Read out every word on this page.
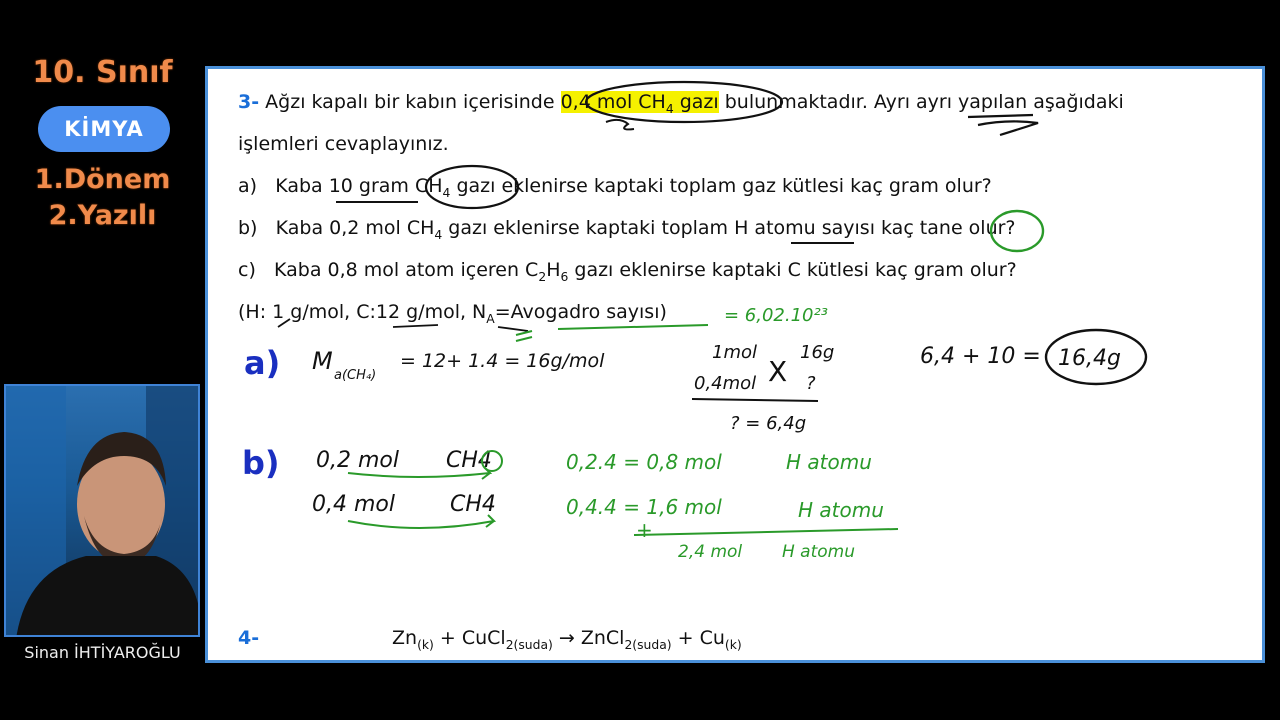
10. Sınıf
KİMYA
1.Dönem
2.Yazılı
Sinan İHTİYAROĞLU
3- Ağzı kapalı bir kabın içerisinde 0,4 mol $CH_4$ gazı bulunmaktadır. Ayrı ayrı yapılan aşağıdaki
işlemleri cevaplayınız.
a) Kaba 10 gram $CH_4$ gazı eklenirse kaptaki toplam gaz kütlesi kaç gram olur?
b) Kaba 0,2 mol $CH_4$ gazı eklenirse kaptaki toplam H atomu sayısı kaç tane olur?
c) Kaba 0,8 mol atom içeren $C_2H_6$ gazı eklenirse kaptaki C kütlesi kaç gram olur?
(H: 1 g/mol, C:12 g/mol, $N_A=Avogadro$ sayısı)
4-	$Zn_{(k)}$ + CuCl$_{2(suda)}$ → ZnCl$_{2(suda)}$ + $Cu_{(k)}$
= 6,02.10²³
a) M
a(CH₄)
= 12+ 1.4 = 16g/mol	1mol 16g
X
0,4mol	?
? = 6,4g
6,4 + 10 = 16,4g
b) 0,2 mol CH4
0,4 mol	CH4
0,2.4 = 0,8 mol	H atomu
0,4.4 = 1,6 mol	H atomu
+
2,4 mol H atomu
